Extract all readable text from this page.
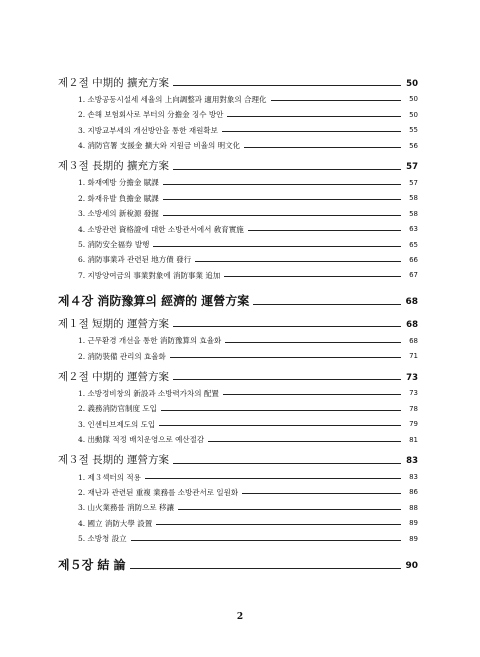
제２절 中期的 擴充方案	50
1. 소방공동시설세 세율의 上向調整과 適用對象의 合理化	50
2. 손해 보험회사로 부터의 分擔金 징수 방안	50
3. 지방교부세의 개선방안을 통한 재원확보	55
4. 消防官署 支援金 擴大와 지원금 비율의 明文化	56
제３절 長期的 擴充方案	57
1. 화재예방 分擔金 賦課	57
2. 화재유발 負擔金 賦課	58
3. 소방세의 新稅源 發掘	58
4. 소방관련 資格證에 대한 소방관서에서 敎育實施	63
5. 消防安全福券 발행	65
6. 消防事業과 관련된 地方債 發行	66
7. 지방양여금의 事業對象에 消防事業 追加	67
제４장 消防豫算의 經濟的 運營方案	68
제１절 短期的 運營方案	68
1. 근무환경 개선을 통한 消防豫算의 효율화	68
2. 消防裝備 관리의 효율화	71
제２절 中期的 運營方案	73
1. 소방정비창의 新設과 소방력가차의 配置	73
2. 義務消防官制度 도입	78
3. 인센티브제도의 도입	79
4. 出動隊 적정 배치운영으로 예산절감	81
제３절 長期的 運營方案	83
1. 제３섹터의 적용	83
2. 재난과 관련된 重複 業務를 소방관서로 일원화	86
3. 山火業務를 消防으로 移讓	88
4. 國立 消防大學 設置	89
5. 소방청 設立	89
제５장 結 論	90
2
